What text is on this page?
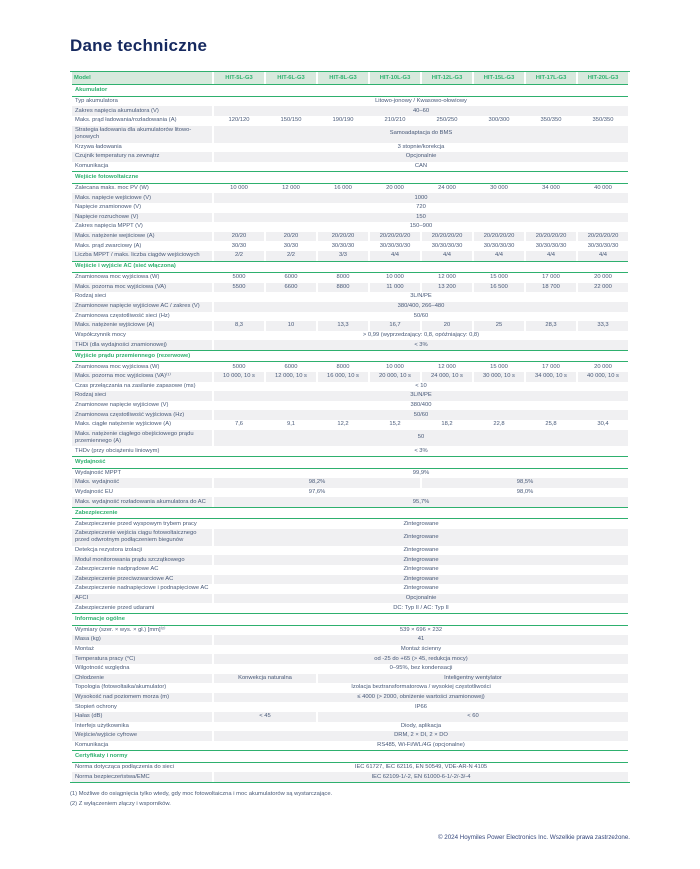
Dane techniczne
Model	HIT-5L-G3	HIT-6L-G3	HIT-8L-G3	HIT-10L-G3	HIT-12L-G3	HIT-15L-G3	HIT-17L-G3	HIT-20L-G3
Akumulator								
Typ akumulatora	Litowo-jonowy / Kwasowo-ołowiowy							
Zakres napięcia akumulatora (V)	40–60							
Maks. prąd ładowania/rozładowania (A)	120/120	150/150	190/190	210/210	250/250	300/300	350/350	350/350
Strategia ładowania dla akumulatorów litowo-jonowych	Samoadaptacja do BMS							
Krzywa ładowania	3 stopnie/korekcja							
Czujnik temperatury na zewnątrz	Opcjonalnie							
Komunikacja	CAN							
Wejście fotowoltaiczne								
Zalecana maks. moc PV (W)	10 000	12 000	16 000	20 000	24 000	30 000	34 000	40 000
Maks. napięcie wejściowe (V)	1000							
Napięcie znamionowe (V)	720							
Napięcie rozruchowe (V)	150							
Zakres napięcia MPPT (V)	150–900							
Maks. natężenie wejściowe (A)	20/20	20/20	20/20/20	20/20/20/20	20/20/20/20	20/20/20/20	20/20/20/20	20/20/20/20
Maks. prąd zwarciowy (A)	30/30	30/30	30/30/30	30/30/30/30	30/30/30/30	30/30/30/30	30/30/30/30	30/30/30/30
Liczba MPPT / maks. liczba ciągów wejściowych	2/2	2/2	3/3	4/4	4/4	4/4	4/4	4/4
Wejście i wyjście AC (sieć włączona)								
Znamionowa moc wyjściowa (W)	5000	6000	8000	10 000	12 000	15 000	17 000	20 000
Maks. pozorna moc wyjściowa (VA)	5500	6600	8800	11 000	13 200	16 500	18 700	22 000
Rodzaj sieci	3L/N/PE							
Znamionowe napięcie wyjściowe AC / zakres (V)	380/400, 266–480							
Znamionowa częstotliwość sieci (Hz)	50/60							
Maks. natężenie wyjściowe (A)	8,3	10	13,3	16,7	20	25	28,3	33,3
Współczynnik mocy	> 0,99 (wyprzedzający: 0,8, opóźniający: 0,8)							
THDi (dla wydajności znamionowej)	< 3%							
Wyjście prądu przemiennego (rezerwowe)								
Znamionowa moc wyjściowa (W)	5000	6000	8000	10 000	12 000	15 000	17 000	20 000
Maks. pozorna moc wyjściowa (VA)⁽¹⁾	10 000, 10 s	12 000, 10 s	16 000, 10 s	20 000, 10 s	24 000, 10 s	30 000, 10 s	34 000, 10 s	40 000, 10 s
Czas przełączania na zasilanie zapasowe (ms)	< 10							
Rodzaj sieci	3L/N/PE							
Znamionowe napięcie wyjściowe (V)	380/400							
Znamionowa częstotliwość wyjściowa (Hz)	50/60							
Maks. ciągłe natężenie wyjściowe (A)	7,6	9,1	12,2	15,2	18,2	22,8	25,8	30,4
Maks. natężenie ciągłego obejściowego prądu przemiennego (A)	50							
THDv (przy obciążeniu liniowym)	< 3%							
Wydajność								
Wydajność MPPT	99,9%							
Maks. wydajność	98,2%				98,5%			
Wydajność EU	97,6%				98,0%			
Maks. wydajność rozładowania akumulatora do AC	95,7%							
Zabezpieczenie								
Zabezpieczenie przed wyspowym trybem pracy	Zintegrowane							
Zabezpieczenie wejścia ciągu fotowoltaicznego przed odwrotnym podłączeniem biegunów	Zintegrowane							
Detekcja rezystora izolacji	Zintegrowane							
Moduł monitorowania prądu szczątkowego	Zintegrowane							
Zabezpieczenie nadprądowe AC	Zintegrowane							
Zabezpieczenie przeciwzwarciowe AC	Zintegrowane							
Zabezpieczenie nadnapięciowe i podnapięciowe AC	Zintegrowane							
AFCI	Opcjonalnie							
Zabezpieczenie przed udarami	DC: Typ II / AC: Typ II							
Informacje ogólne								
Wymiary (szer. × wys. × gł.) [mm]⁽²⁾	539 × 696 × 232							
Masa (kg)	41							
Montaż	Montaż ścienny							
Temperatura pracy (°C)	od -25 do +65 (> 45, redukcja mocy)							
Wilgotność względna	0–95%, bez kondensacji							
Chłodzenie	Konwekcja naturalna		Inteligentny wentylator					
Topologia (fotowoltaika/akumulator)	Izolacja beztransformatorowa / wysokiej częstotliwości							
Wysokość nad poziomem morza (m)	≤ 4000 (> 2000, obniżenie wartości znamionowej)							
Stopień ochrony	IP66							
Hałas (dB)	< 45		< 60					
Interfejs użytkownika	Diody, aplikacja							
Wejście/wyjście cyfrowe	DRM, 2 × DI, 2 × DO							
Komunikacja	RS485, Wi-Fi/WL/4G (opcjonalne)							
Certyfikaty i normy								
Norma dotycząca podłączenia do sieci	IEC 61727, IEC 62116, EN 50549, VDE-AR-N 4105							
Norma bezpieczeństwa/EMC	IEC 62109-1/-2, EN 61000-6-1/-2/-3/-4							
(1) Możliwe do osiągnięcia tylko wtedy, gdy moc fotowoltaiczna i moc akumulatorów są wystarczające.
(2) Z wyłączeniem złączy i wsporników.
© 2024 Hoymiles Power Electronics Inc. Wszelkie prawa zastrzeżone.
